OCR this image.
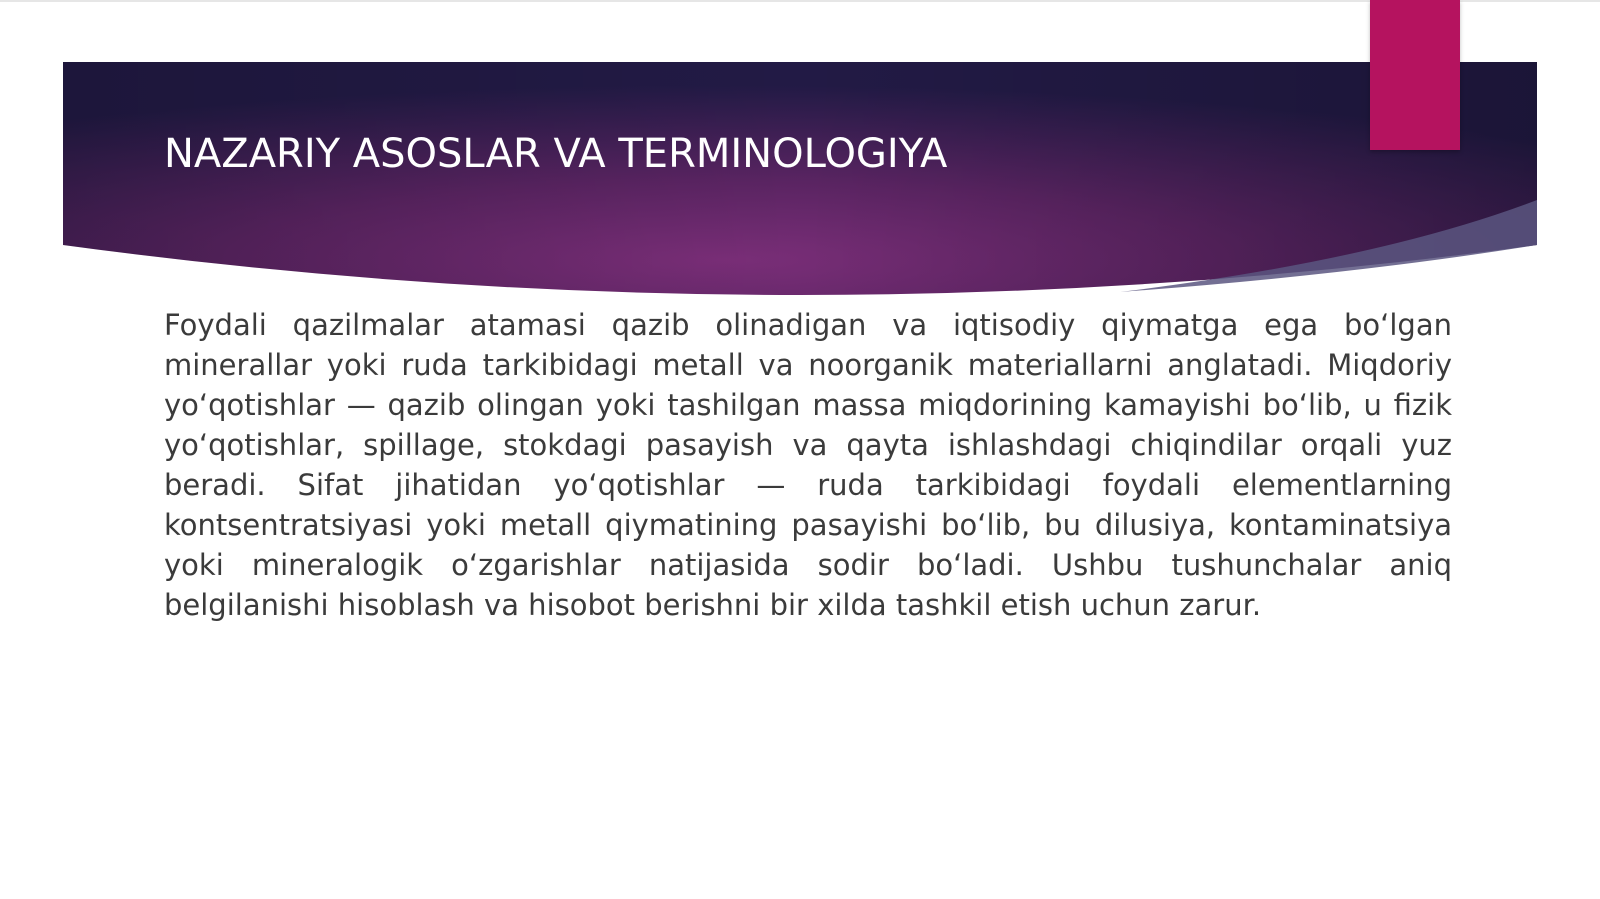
NAZARIY ASOSLAR VA TERMINOLOGIYA

Foydali qazilmalar atamasi qazib olinadigan va iqtisodiy qiymatga ega boʻlgan minerallar yoki ruda tarkibidagi metall va noorganik materiallarni anglatadi. Miqdoriy yoʻqotishlar — qazib olingan yoki tashilgan massa miqdorining kamayishi boʻlib, u fizik yoʻqotishlar, spillage, stokdagi pasayish va qayta ishlashdagi chiqindilar orqali yuz beradi. Sifat jihatidan yoʻqotishlar — ruda tarkibidagi foydali elementlarning kontsentratsiyasi yoki metall qiymatining pasayishi boʻlib, bu dilusiya, kontaminatsiya yoki mineralogik oʻzgarishlar natijasida sodir boʻladi. Ushbu tushunchalar aniq belgilanishi hisoblash va hisobot berishni bir xilda tashkil etish uchun zarur.
